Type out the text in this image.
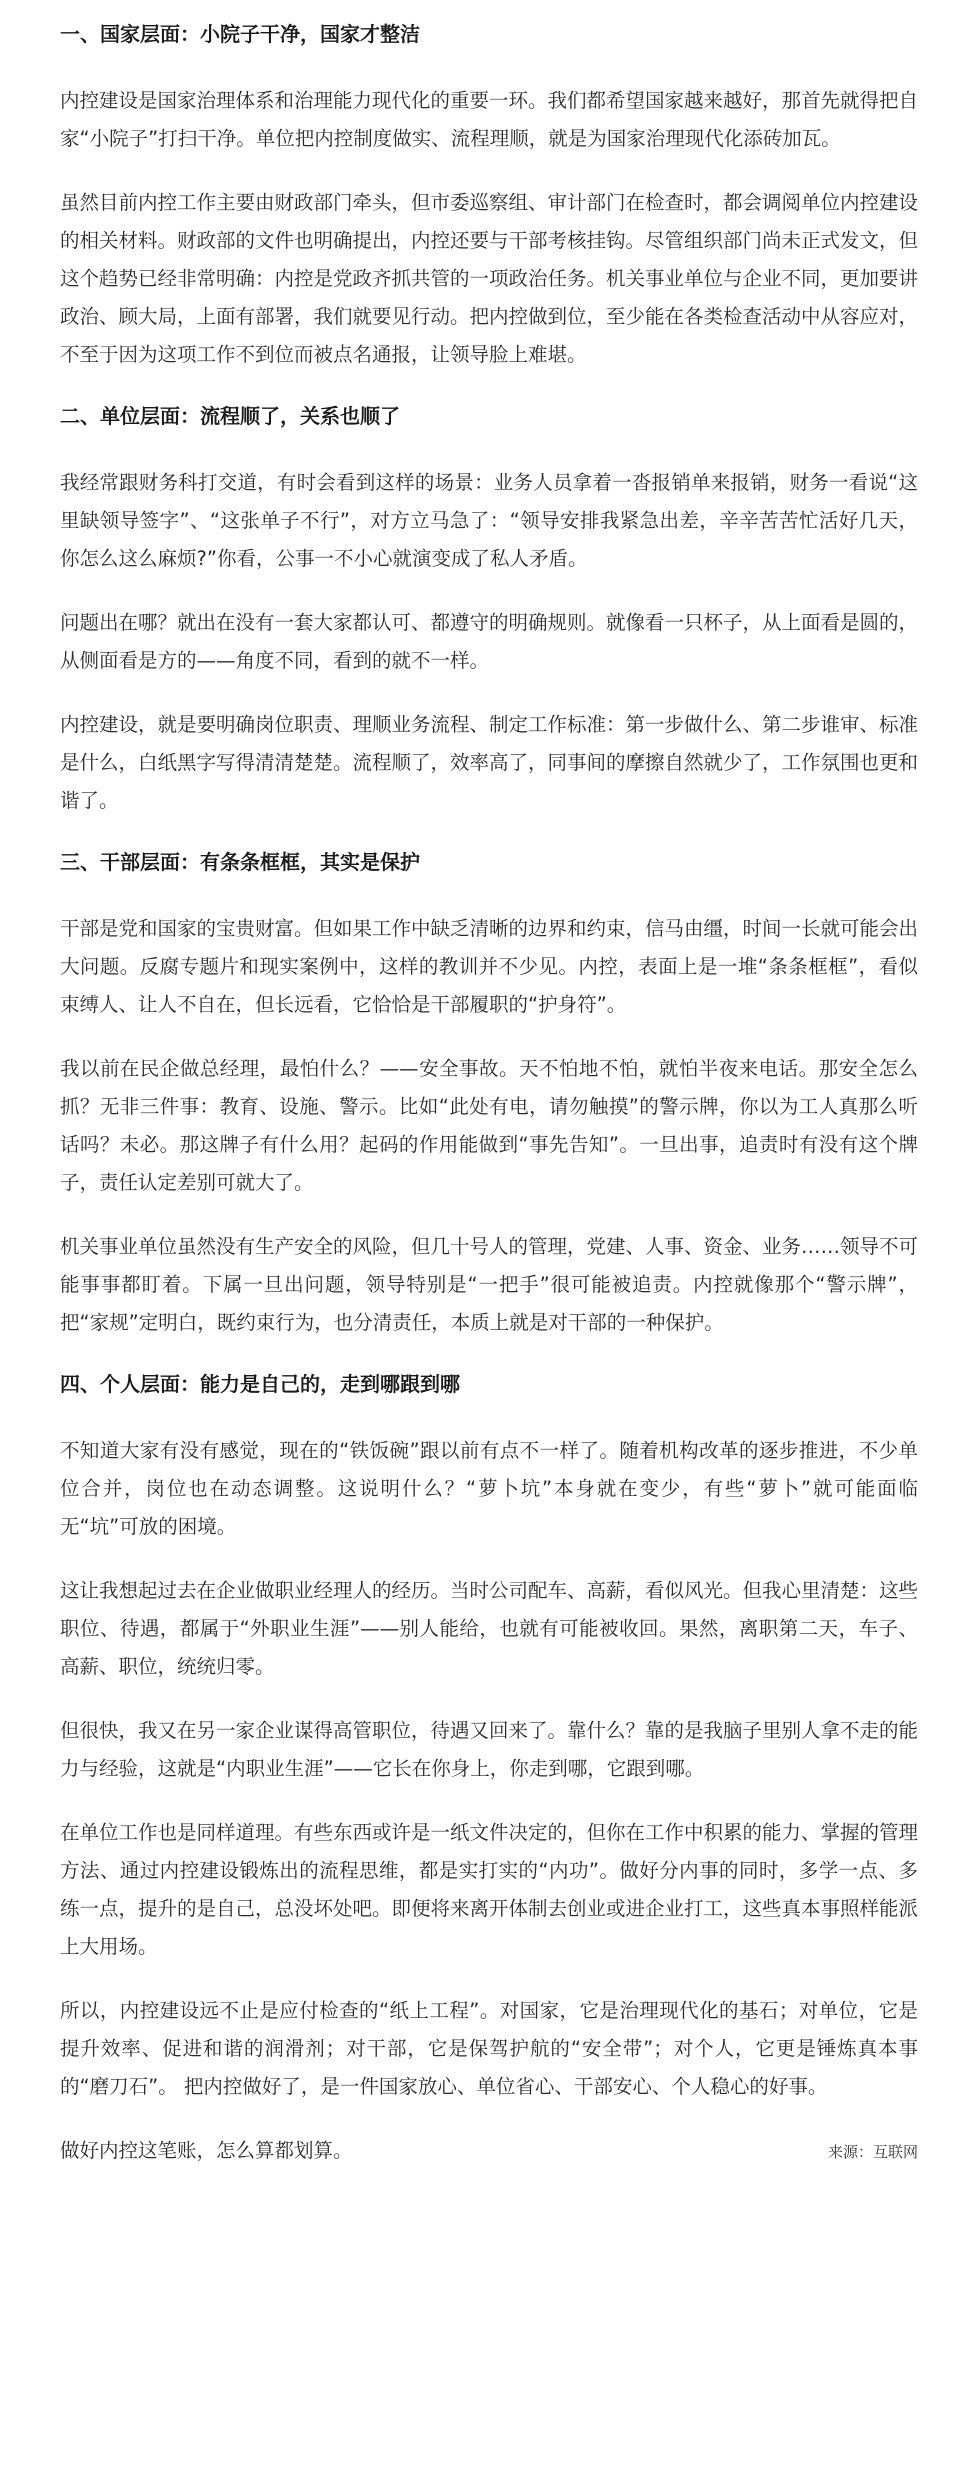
一、国家层面：小院子干净，国家才整洁

内控建设是国家治理体系和治理能力现代化的重要一环。我们都希望国家越来越好，那首先就得把自家“小院子”打扫干净。单位把内控制度做实、流程理顺，就是为国家治理现代化添砖加瓦。

虽然目前内控工作主要由财政部门牵头，但市委巡察组、审计部门在检查时，都会调阅单位内控建设的相关材料。财政部的文件也明确提出，内控还要与干部考核挂钩。尽管组织部门尚未正式发文，但这个趋势已经非常明确：内控是党政齐抓共管的一项政治任务。机关事业单位与企业不同，更加要讲政治、顾大局，上面有部署，我们就要见行动。把内控做到位，至少能在各类检查活动中从容应对，不至于因为这项工作不到位而被点名通报，让领导脸上难堪。

二、单位层面：流程顺了，关系也顺了

我经常跟财务科打交道，有时会看到这样的场景：业务人员拿着一沓报销单来报销，财务一看说“这里缺领导签字”、“这张单子不行”，对方立马急了：“领导安排我紧急出差，辛辛苦苦忙活好几天，你怎么这么麻烦?”你看，公事一不小心就演变成了私人矛盾。

问题出在哪？就出在没有一套大家都认可、都遵守的明确规则。就像看一只杯子，从上面看是圆的，从侧面看是方的——角度不同，看到的就不一样。

内控建设，就是要明确岗位职责、理顺业务流程、制定工作标准：第一步做什么、第二步谁审、标准是什么，白纸黑字写得清清楚楚。流程顺了，效率高了，同事间的摩擦自然就少了，工作氛围也更和谐了。

三、干部层面：有条条框框，其实是保护

干部是党和国家的宝贵财富。但如果工作中缺乏清晰的边界和约束，信马由缰，时间一长就可能会出大问题。反腐专题片和现实案例中，这样的教训并不少见。内控，表面上是一堆“条条框框”，看似束缚人、让人不自在，但长远看，它恰恰是干部履职的“护身符”。

我以前在民企做总经理，最怕什么？——安全事故。天不怕地不怕，就怕半夜来电话。那安全怎么抓？无非三件事：教育、设施、警示。比如“此处有电，请勿触摸”的警示牌，你以为工人真那么听话吗？未必。那这牌子有什么用？起码的作用能做到“事先告知”。一旦出事，追责时有没有这个牌子，责任认定差别可就大了。

机关事业单位虽然没有生产安全的风险，但几十号人的管理，党建、人事、资金、业务……领导不可能事事都盯着。下属一旦出问题，领导特别是“一把手”很可能被追责。内控就像那个“警示牌”，把“家规”定明白，既约束行为，也分清责任，本质上就是对干部的一种保护。

四、个人层面：能力是自己的，走到哪跟到哪

不知道大家有没有感觉，现在的“铁饭碗”跟以前有点不一样了。随着机构改革的逐步推进，不少单位合并，岗位也在动态调整。这说明什么？“萝卜坑”本身就在变少，有些“萝卜”就可能面临无“坑”可放的困境。

这让我想起过去在企业做职业经理人的经历。当时公司配车、高薪，看似风光。但我心里清楚：这些职位、待遇，都属于“外职业生涯”——别人能给，也就有可能被收回。果然，离职第二天，车子、高薪、职位，统统归零。

但很快，我又在另一家企业谋得高管职位，待遇又回来了。靠什么？靠的是我脑子里别人拿不走的能力与经验，这就是“内职业生涯”——它长在你身上，你走到哪，它跟到哪。

在单位工作也是同样道理。有些东西或许是一纸文件决定的，但你在工作中积累的能力、掌握的管理方法、通过内控建设锻炼出的流程思维，都是实打实的“内功”。做好分内事的同时，多学一点、多练一点，提升的是自己，总没坏处吧。即便将来离开体制去创业或进企业打工，这些真本事照样能派上大用场。

所以，内控建设远不止是应付检查的“纸上工程”。对国家，它是治理现代化的基石；对单位，它是提升效率、促进和谐的润滑剂；对干部，它是保驾护航的“安全带”；对个人，它更是锤炼真本事的“磨刀石”。 把内控做好了，是一件国家放心、单位省心、干部安心、个人稳心的好事。

做好内控这笔账，怎么算都划算。	来源：互联网
